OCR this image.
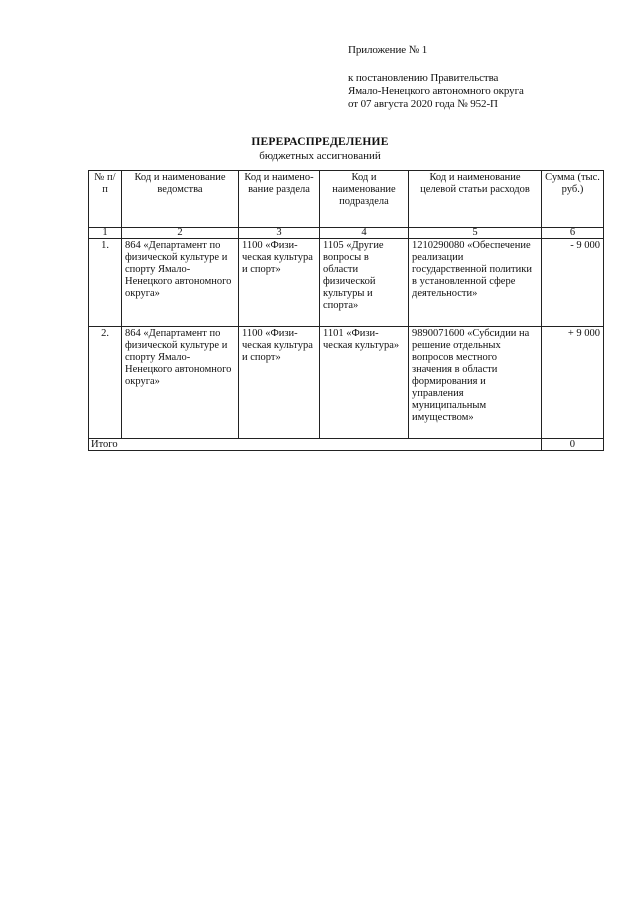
Приложение № 1
к постановлению Правительства
Ямало-Ненецкого автономного округа
от 07 августа 2020 года № 952-П
ПЕРЕРАСПРЕДЕЛЕНИЕ
бюджетных ассигнований
№ п/п	Код и наименование ведомства	Код и наимено-вание раздела	Код и наименование подраздела	Код и наименование целевой статьи расходов	Сумма (тыс. руб.)
1	2	3	4	5	6
1.	864 «Департамент по физической культуре и спорту Ямало-Ненецкого автономного округа»	1100 «Физи-ческая культура и спорт»	1105 «Другие вопросы в области физической культуры и спорта»	1210290080 «Обеспечение реализации государственной политики в установленной сфере деятельности»	- 9 000
2.	864 «Департамент по физической культуре и спорту Ямало-Ненецкого автономного округа»	1100 «Физи-ческая культура и спорт»	1101 «Физи-ческая культура»	9890071600 «Субсидии на решение отдельных вопросов местного значения в области формирования и управления муниципальным имуществом»	+ 9 000
Итого					0
